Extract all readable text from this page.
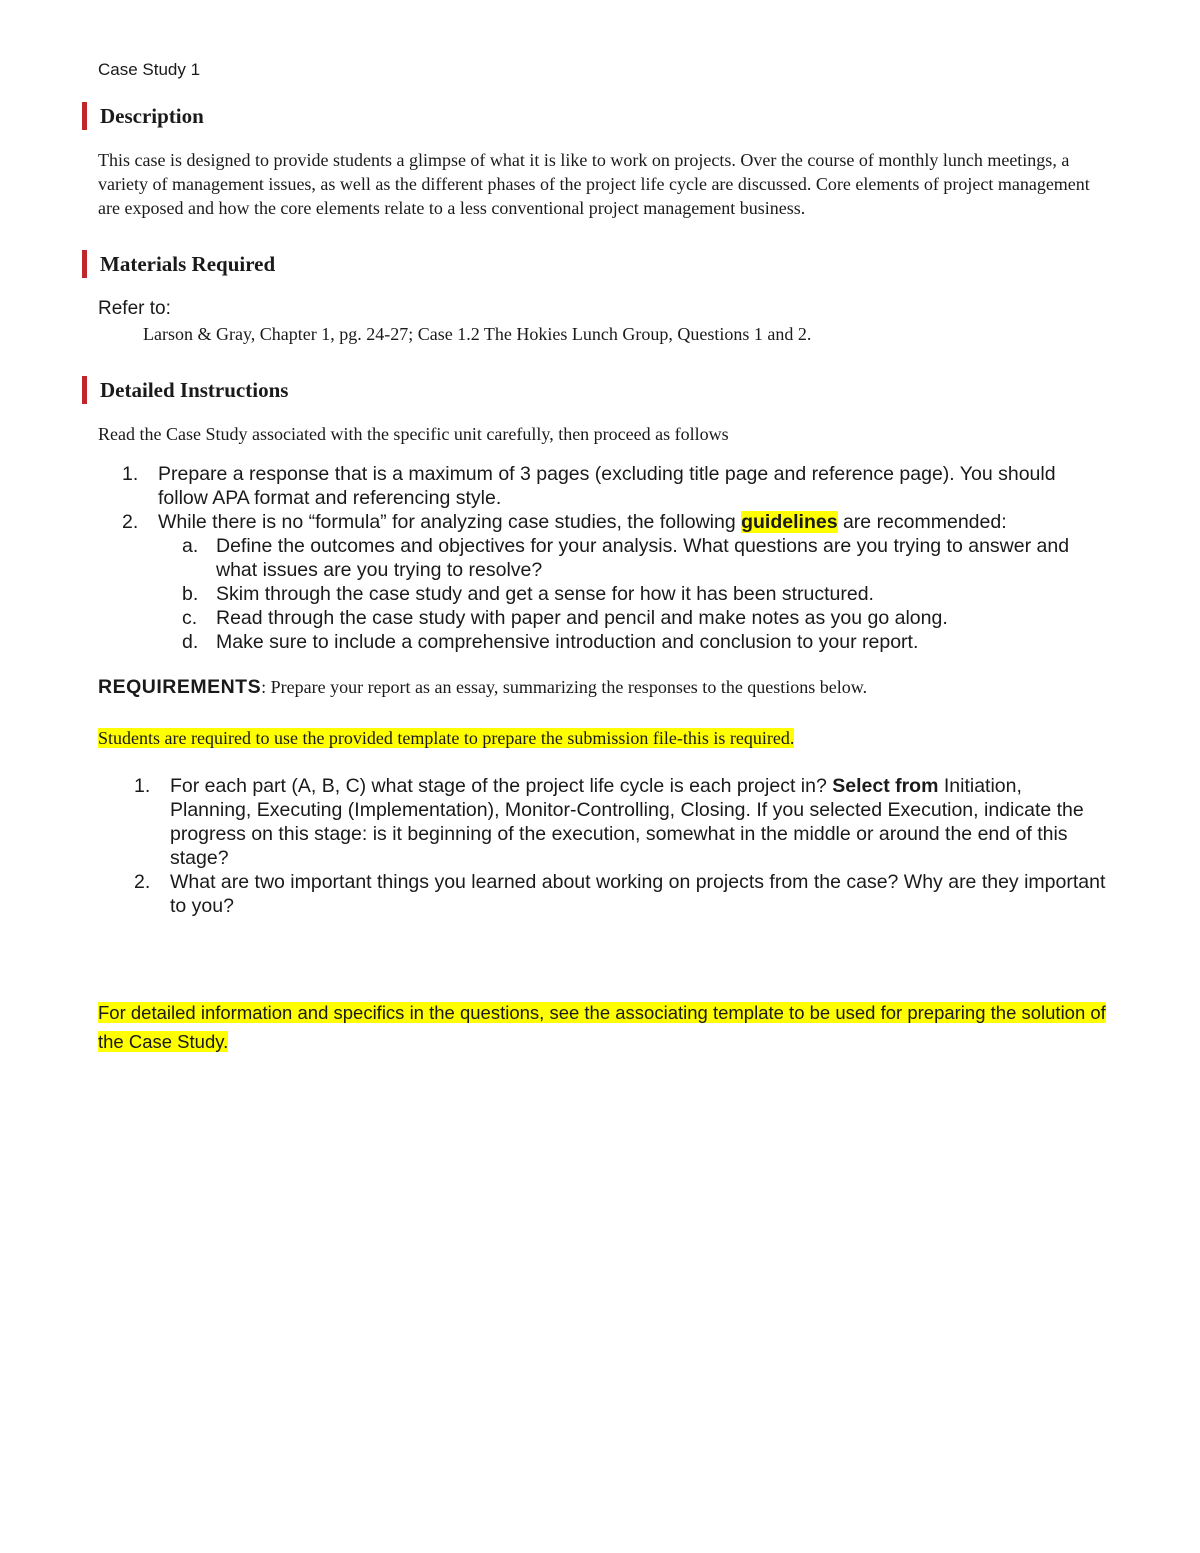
Case Study 1
Description

This case is designed to provide students a glimpse of what it is like to work on projects. Over the course of monthly lunch meetings, a variety of management issues, as well as the different phases of the project life cycle are discussed. Core elements of project management are exposed and how the core elements relate to a less conventional project management business.

Materials Required

Refer to:

Larson & Gray, Chapter 1, pg. 24-27; Case 1.2 The Hokies Lunch Group, Questions 1 and 2.

Detailed Instructions

Read the Case Study associated with the specific unit carefully, then proceed as follows

1. Prepare a response that is a maximum of 3 pages (excluding title page and reference page). You should follow APA format and referencing style.
2. While there is no “formula” for analyzing case studies, the following guidelines are recommended:
a. Define the outcomes and objectives for your analysis. What questions are you trying to answer and what issues are you trying to resolve?
b. Skim through the case study and get a sense for how it has been structured.
c. Read through the case study with paper and pencil and make notes as you go along.
d. Make sure to include a comprehensive introduction and conclusion to your report.

REQUIREMENTS: Prepare your report as an essay, summarizing the responses to the questions below.

Students are required to use the provided template to prepare the submission file-this is required.

1. For each part (A, B, C) what stage of the project life cycle is each project in? Select from Initiation, Planning, Executing (Implementation), Monitor-Controlling, Closing. If you selected Execution, indicate the progress on this stage: is it beginning of the execution, somewhat in the middle or around the end of this stage?
2. What are two important things you learned about working on projects from the case? Why are they important to you?

For detailed information and specifics in the questions, see the associating template to be used for preparing the solution of the Case Study.
